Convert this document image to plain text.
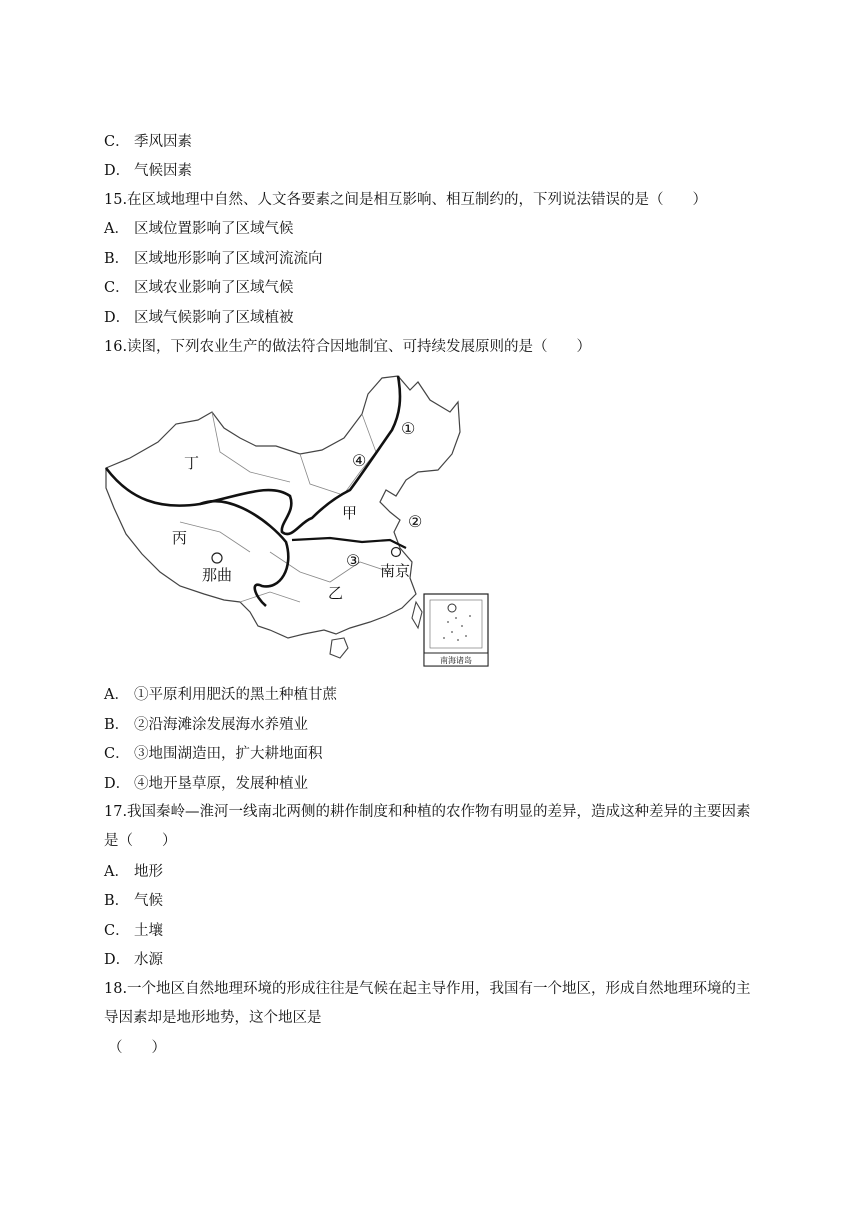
C． 季风因素
D． 气候因素
15.在区域地理中自然、人文各要素之间是相互影响、相互制约的，下列说法错误的是（　　）
A． 区域位置影响了区域气候
B． 区域地形影响了区域河流流向
C． 区域农业影响了区域气候
D． 区域气候影响了区域植被
16.读图，下列农业生产的做法符合因地制宜、可持续发展原则的是（　　）
南海诸岛
丁
丙
甲
乙
那曲	南京
①
②
③
④
A． ①平原利用肥沃的黑土种植甘蔗
B． ②沿海滩涂发展海水养殖业
C． ③地围湖造田，扩大耕地面积
D． ④地开垦草原，发展种植业
17.我国秦岭—淮河一线南北两侧的耕作制度和种植的农作物有明显的差异，造成这种差异的主要因素是（　　）
A． 地形
B． 气候
C． 土壤
D． 水源
18.一个地区自然地理环境的形成往往是气候在起主导作用，我国有一个地区，形成自然地理环境的主导因素却是地形地势，这个地区是
（　　）
